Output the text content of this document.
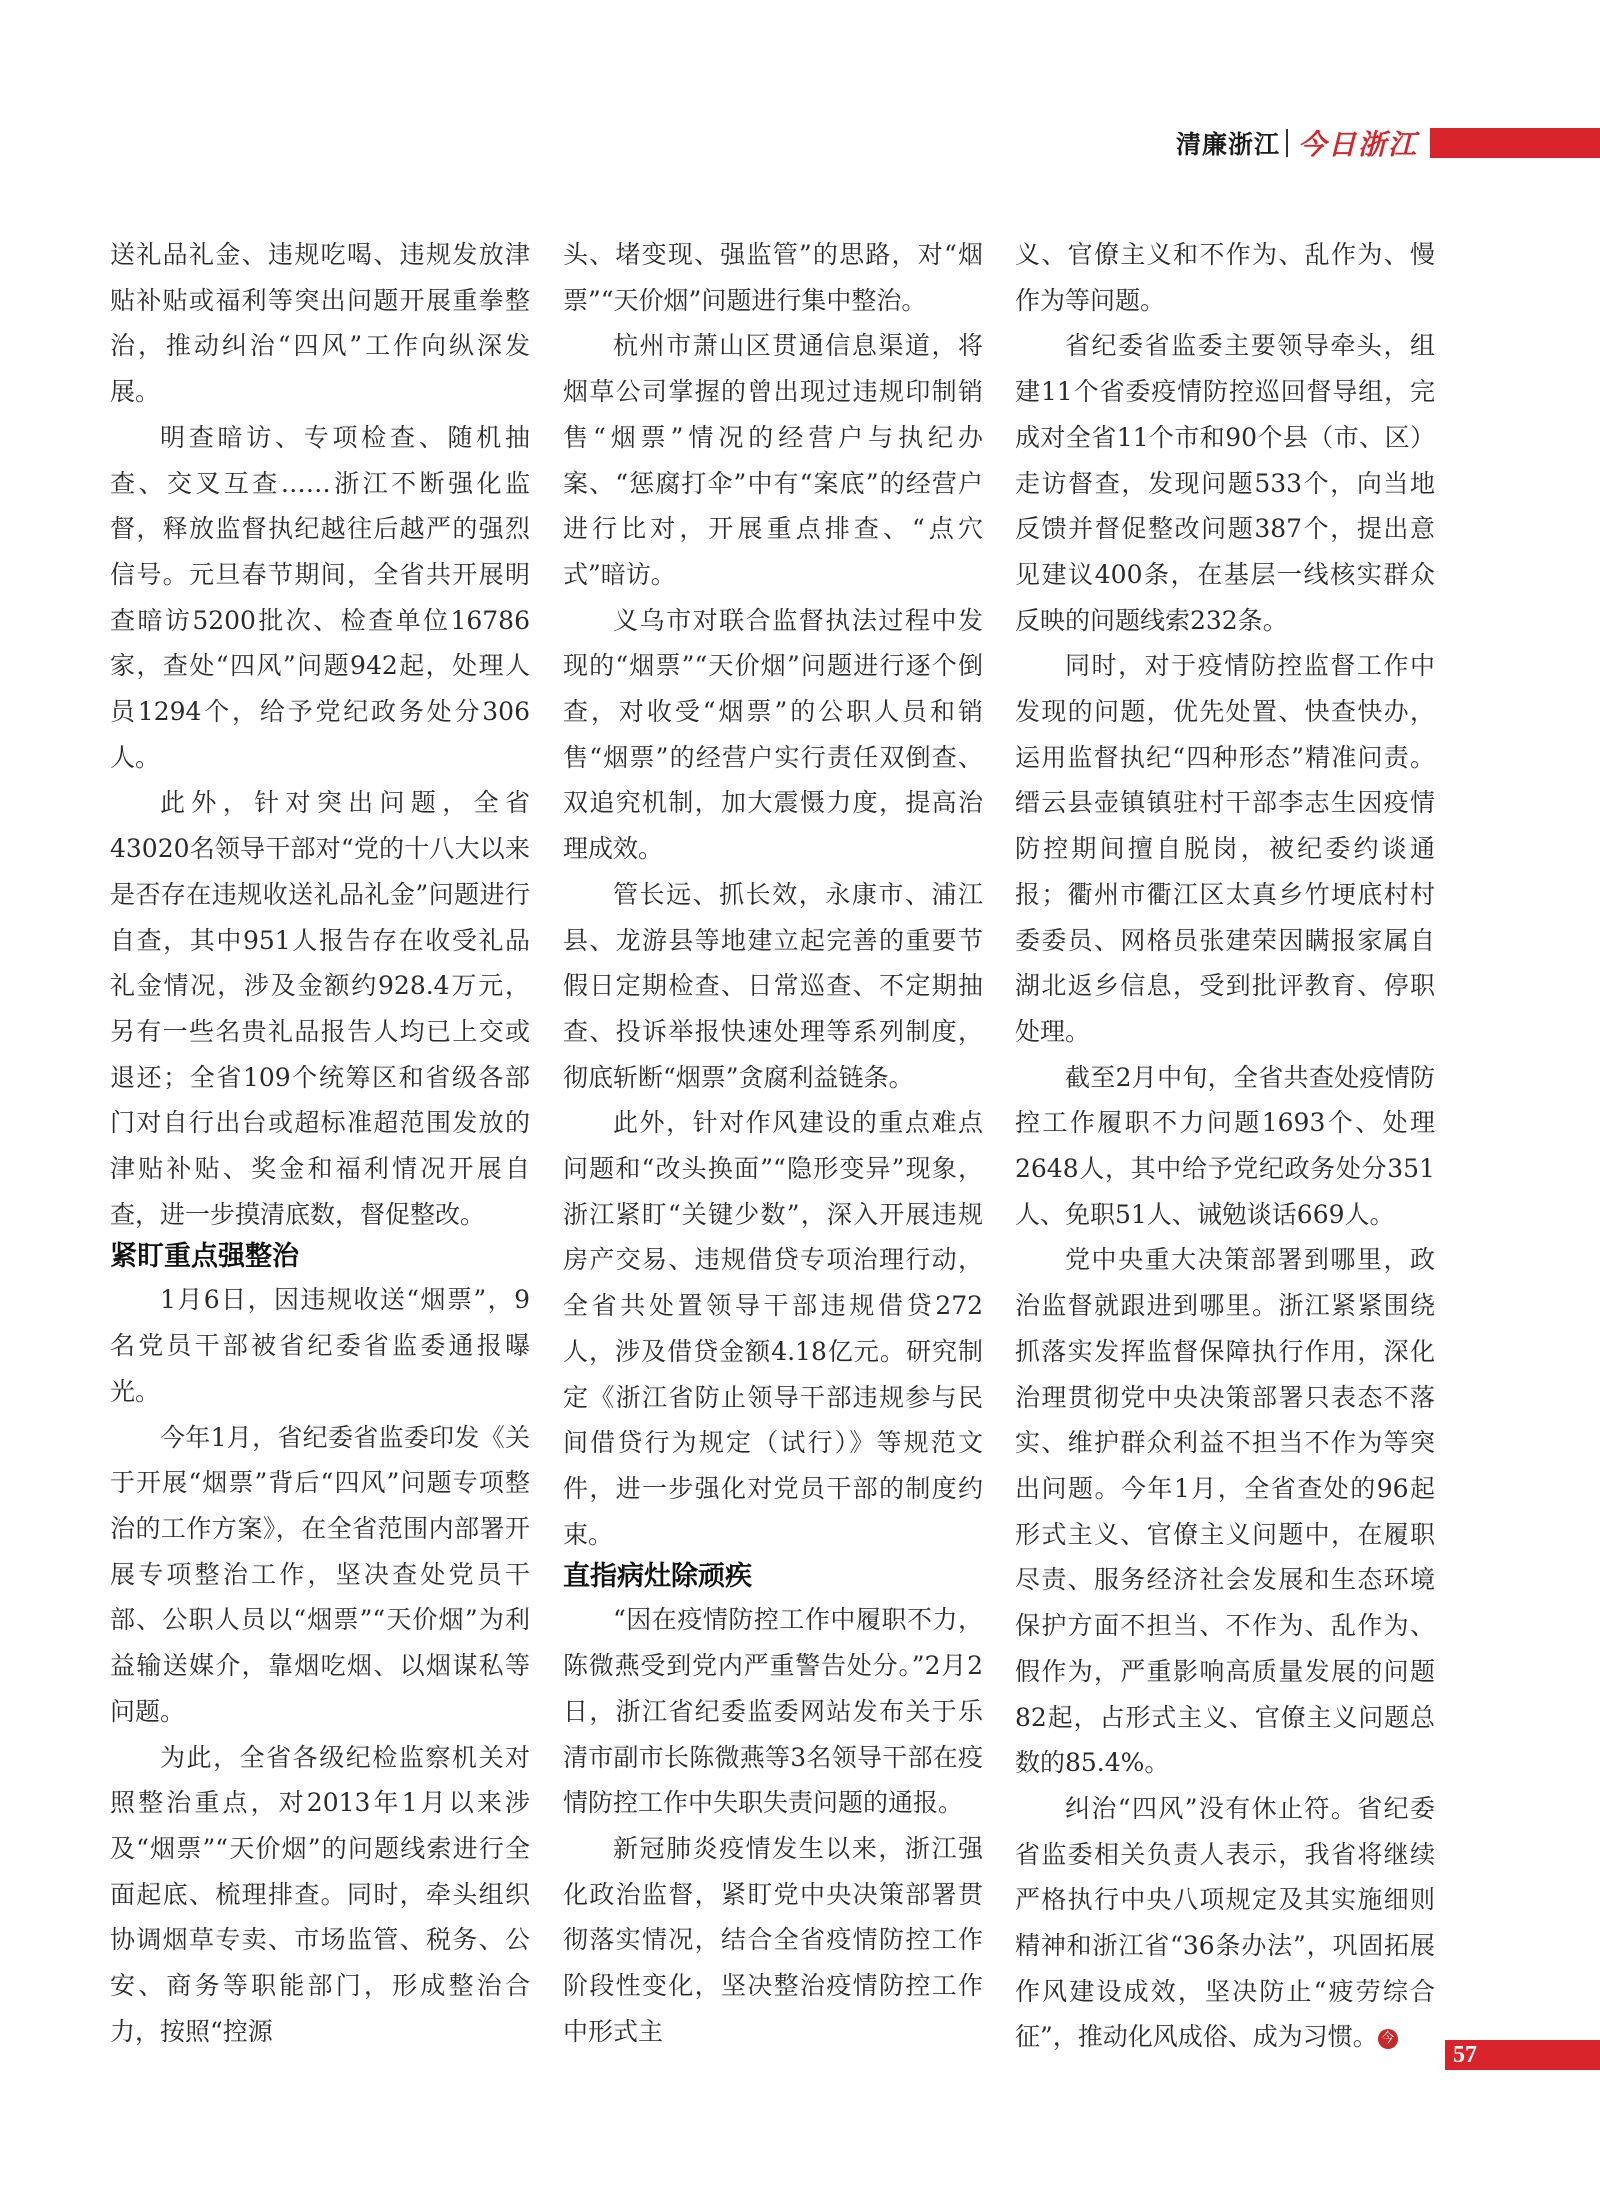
清廉浙江 今日浙江

送礼品礼金、违规吃喝、违规发放津贴补贴或福利等突出问题开展重拳整治，推动纠治“四风”工作向纵深发展。

明查暗访、专项检查、随机抽查、交叉互查……浙江不断强化监督，释放监督执纪越往后越严的强烈信号。元旦春节期间，全省共开展明查暗访5200批次、检查单位16786家，查处“四风”问题942起，处理人员1294个，给予党纪政务处分306人。

此外，针对突出问题，全省43020名领导干部对“党的十八大以来是否存在违规收送礼品礼金”问题进行自查，其中951人报告存在收受礼品礼金情况，涉及金额约928.4万元，另有一些名贵礼品报告人均已上交或退还；全省109个统筹区和省级各部门对自行出台或超标准超范围发放的津贴补贴、奖金和福利情况开展自查，进一步摸清底数，督促整改。

紧盯重点强整治

1月6日，因违规收送“烟票”，9名党员干部被省纪委省监委通报曝光。

今年1月，省纪委省监委印发《关于开展“烟票”背后“四风”问题专项整治的工作方案》，在全省范围内部署开展专项整治工作，坚决查处党员干部、公职人员以“烟票”“天价烟”为利益输送媒介，靠烟吃烟、以烟谋私等问题。

为此，全省各级纪检监察机关对照整治重点，对2013年1月以来涉及“烟票”“天价烟”的问题线索进行全面起底、梳理排查。同时，牵头组织协调烟草专卖、市场监管、税务、公安、商务等职能部门，形成整治合力，按照“控源

头、堵变现、强监管”的思路，对“烟票”“天价烟”问题进行集中整治。

杭州市萧山区贯通信息渠道，将烟草公司掌握的曾出现过违规印制销售“烟票”情况的经营户与执纪办案、“惩腐打伞”中有“案底”的经营户进行比对，开展重点排查、“点穴式”暗访。

义乌市对联合监督执法过程中发现的“烟票”“天价烟”问题进行逐个倒查，对收受“烟票”的公职人员和销售“烟票”的经营户实行责任双倒查、双追究机制，加大震慑力度，提高治理成效。

管长远、抓长效，永康市、浦江县、龙游县等地建立起完善的重要节假日定期检查、日常巡查、不定期抽查、投诉举报快速处理等系列制度，彻底斩断“烟票”贪腐利益链条。

此外，针对作风建设的重点难点问题和“改头换面”“隐形变异”现象，浙江紧盯“关键少数”，深入开展违规房产交易、违规借贷专项治理行动，全省共处置领导干部违规借贷272人，涉及借贷金额4.18亿元。研究制定《浙江省防止领导干部违规参与民间借贷行为规定（试行）》等规范文件，进一步强化对党员干部的制度约束。

直指病灶除顽疾

“因在疫情防控工作中履职不力，陈微燕受到党内严重警告处分。”2月2日，浙江省纪委监委网站发布关于乐清市副市长陈微燕等3名领导干部在疫情防控工作中失职失责问题的通报。

新冠肺炎疫情发生以来，浙江强化政治监督，紧盯党中央决策部署贯彻落实情况，结合全省疫情防控工作阶段性变化，坚决整治疫情防控工作中形式主

义、官僚主义和不作为、乱作为、慢作为等问题。

省纪委省监委主要领导牵头，组建11个省委疫情防控巡回督导组，完成对全省11个市和90个县（市、区）走访督查，发现问题533个，向当地反馈并督促整改问题387个，提出意见建议400条，在基层一线核实群众反映的问题线索232条。

同时，对于疫情防控监督工作中发现的问题，优先处置、快查快办，运用监督执纪“四种形态”精准问责。缙云县壶镇镇驻村干部李志生因疫情防控期间擅自脱岗，被纪委约谈通报；衢州市衢江区太真乡竹埂底村村委委员、网格员张建荣因瞒报家属自湖北返乡信息，受到批评教育、停职处理。

截至2月中旬，全省共查处疫情防控工作履职不力问题1693个、处理2648人，其中给予党纪政务处分351人、免职51人、诫勉谈话669人。

党中央重大决策部署到哪里，政治监督就跟进到哪里。浙江紧紧围绕抓落实发挥监督保障执行作用，深化治理贯彻党中央决策部署只表态不落实、维护群众利益不担当不作为等突出问题。今年1月，全省查处的96起形式主义、官僚主义问题中，在履职尽责、服务经济社会发展和生态环境保护方面不担当、不作为、乱作为、假作为，严重影响高质量发展的问题82起，占形式主义、官僚主义问题总数的85.4%。

纠治“四风”没有休止符。省纪委省监委相关负责人表示，我省将继续严格执行中央八项规定及其实施细则精神和浙江省“36条办法”，巩固拓展作风建设成效，坚决防止“疲劳综合征”，推动化风成俗、成为习惯。 今

57
